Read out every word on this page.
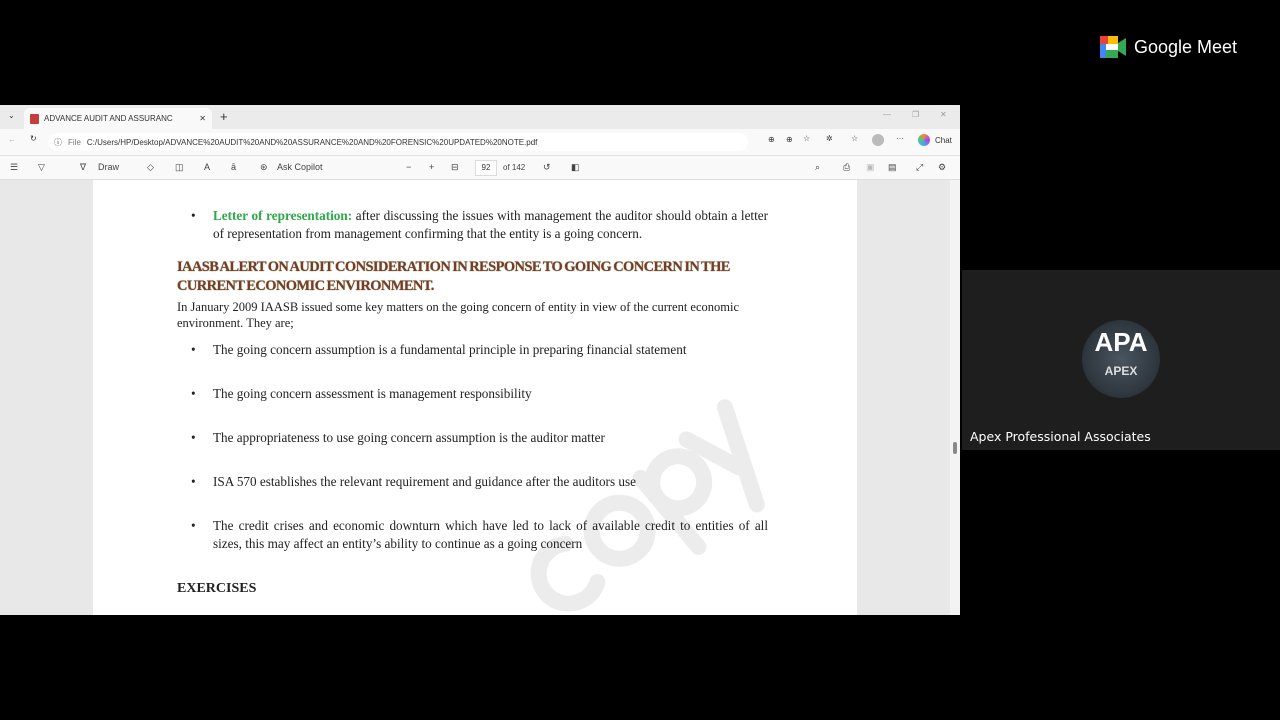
⌄	ADVANCE AUDIT AND ASSURANC	✕ +	—	❐	✕
← ↻ ⓘ File C:/Users/HP/Desktop/ADVANCE%20AUDIT%20AND%20ASSURANCE%20AND%20FORENSIC%20UPDATED%20NOTE.pdf	⊕ ⊕ ☆ ✲ ☆	···	Chat
☰ ▽	∇ Draw	◇ ◫ A ā	⊛ Ask Copilot	− + ⊟	92	of 142 ↺ ◧	⌕	⎙ ▣ ▤ ⤢ ⚙
• Letter of representation: after discussing the issues with management the auditor should obtain a letter of representation from management confirming that the entity is a going concern.
IAASB ALERT ON AUDIT CONSIDERATION IN RESPONSE TO GOING CONCERN IN THE CURRENT ECONOMIC ENVIRONMENT.
In January 2009 IAASB issued some key matters on the going concern of entity in view of the current economic environment. They are;
• The going concern assumption is a fundamental principle in preparing financial statement
• The going concern assessment is management responsibility
• The appropriateness to use going concern assumption is the auditor matter
• ISA 570 establishes the relevant requirement and guidance after the auditors use
• The credit crises and economic downturn which have led to lack of available credit to entities of all sizes, this may affect an entity’s ability to continue as a going concern
EXERCISES
Google Meet
APA
APEX
Apex Professional Associates
